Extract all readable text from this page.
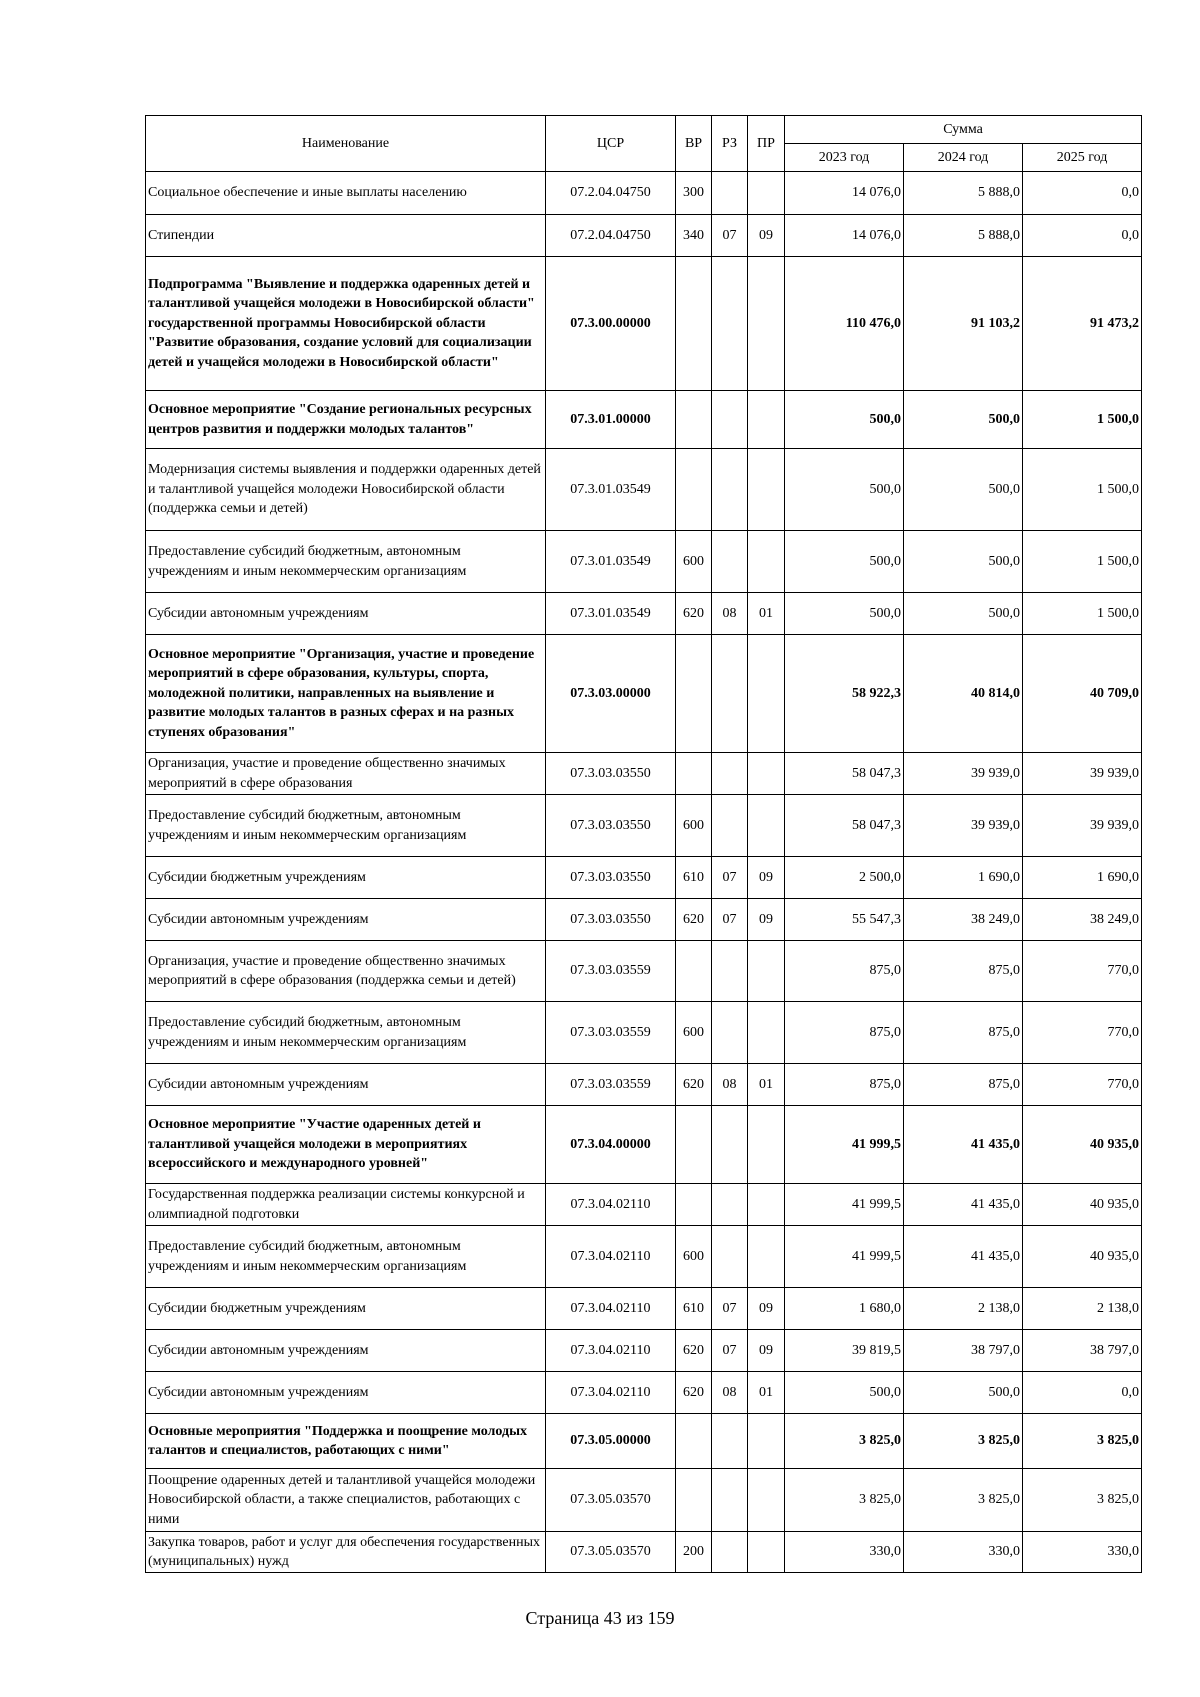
Наименование	ЦСР	ВР	РЗ	ПР	Сумма		
					2023 год	2024 год	2025 год
Социальное обеспечение и иные выплаты населению	07.2.04.04750	300			14 076,0	5 888,0	0,0
Стипендии	07.2.04.04750	340	07	09	14 076,0	5 888,0	0,0
Подпрограмма "Выявление и поддержка одаренных детей и талантливой учащейся молодежи в Новосибирской области" государственной программы Новосибирской области "Развитие образования, создание условий для социализации детей и учащейся молодежи в Новосибирской области"	07.3.00.00000				110 476,0	91 103,2	91 473,2
Основное мероприятие "Создание региональных ресурсных центров развития и поддержки молодых талантов"	07.3.01.00000				500,0	500,0	1 500,0
Модернизация системы выявления и поддержки одаренных детей и талантливой учащейся молодежи Новосибирской области (поддержка семьи и детей)	07.3.01.03549				500,0	500,0	1 500,0
Предоставление субсидий бюджетным, автономным учреждениям и иным некоммерческим организациям	07.3.01.03549	600			500,0	500,0	1 500,0
Субсидии автономным учреждениям	07.3.01.03549	620	08	01	500,0	500,0	1 500,0
Основное мероприятие "Организация, участие и проведение мероприятий в сфере образования, культуры, спорта, молодежной политики, направленных на выявление и развитие молодых талантов в разных сферах и на разных ступенях образования"	07.3.03.00000				58 922,3	40 814,0	40 709,0
Организация, участие и проведение общественно значимых мероприятий в сфере образования	07.3.03.03550				58 047,3	39 939,0	39 939,0
Предоставление субсидий бюджетным, автономным учреждениям и иным некоммерческим организациям	07.3.03.03550	600			58 047,3	39 939,0	39 939,0
Субсидии бюджетным учреждениям	07.3.03.03550	610	07	09	2 500,0	1 690,0	1 690,0
Субсидии автономным учреждениям	07.3.03.03550	620	07	09	55 547,3	38 249,0	38 249,0
Организация, участие и проведение общественно значимых мероприятий в сфере образования (поддержка семьи и детей)	07.3.03.03559				875,0	875,0	770,0
Предоставление субсидий бюджетным, автономным учреждениям и иным некоммерческим организациям	07.3.03.03559	600			875,0	875,0	770,0
Субсидии автономным учреждениям	07.3.03.03559	620	08	01	875,0	875,0	770,0
Основное мероприятие "Участие одаренных детей и талантливой учащейся молодежи в мероприятиях всероссийского и международного уровней"	07.3.04.00000				41 999,5	41 435,0	40 935,0
Государственная поддержка реализации системы конкурсной и олимпиадной подготовки	07.3.04.02110				41 999,5	41 435,0	40 935,0
Предоставление субсидий бюджетным, автономным учреждениям и иным некоммерческим организациям	07.3.04.02110	600			41 999,5	41 435,0	40 935,0
Субсидии бюджетным учреждениям	07.3.04.02110	610	07	09	1 680,0	2 138,0	2 138,0
Субсидии автономным учреждениям	07.3.04.02110	620	07	09	39 819,5	38 797,0	38 797,0
Субсидии автономным учреждениям	07.3.04.02110	620	08	01	500,0	500,0	0,0
Основные мероприятия "Поддержка и поощрение молодых талантов и специалистов, работающих с ними"	07.3.05.00000				3 825,0	3 825,0	3 825,0
Поощрение одаренных детей и талантливой учащейся молодежи Новосибирской области, а также специалистов, работающих с ними	07.3.05.03570				3 825,0	3 825,0	3 825,0
Закупка товаров, работ и услуг для обеспечения государственных (муниципальных) нужд	07.3.05.03570	200			330,0	330,0	330,0
Страница 43 из 159
